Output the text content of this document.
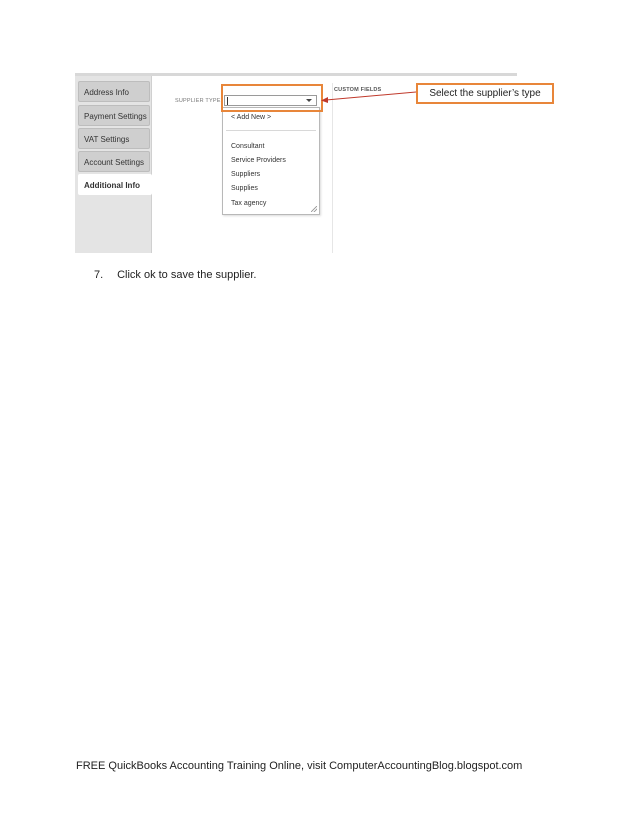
Address Info
Payment Settings
VAT Settings
Account Settings
Additional Info
SUPPLIER TYPE
CUSTOM FIELDS
< Add New >
Consultant
Service Providers
Suppliers
Supplies
Tax agency
Select the supplier’s type
7. Click ok to save the supplier.
FREE QuickBooks Accounting Training Online, visit ComputerAccountingBlog.blogspot.com
